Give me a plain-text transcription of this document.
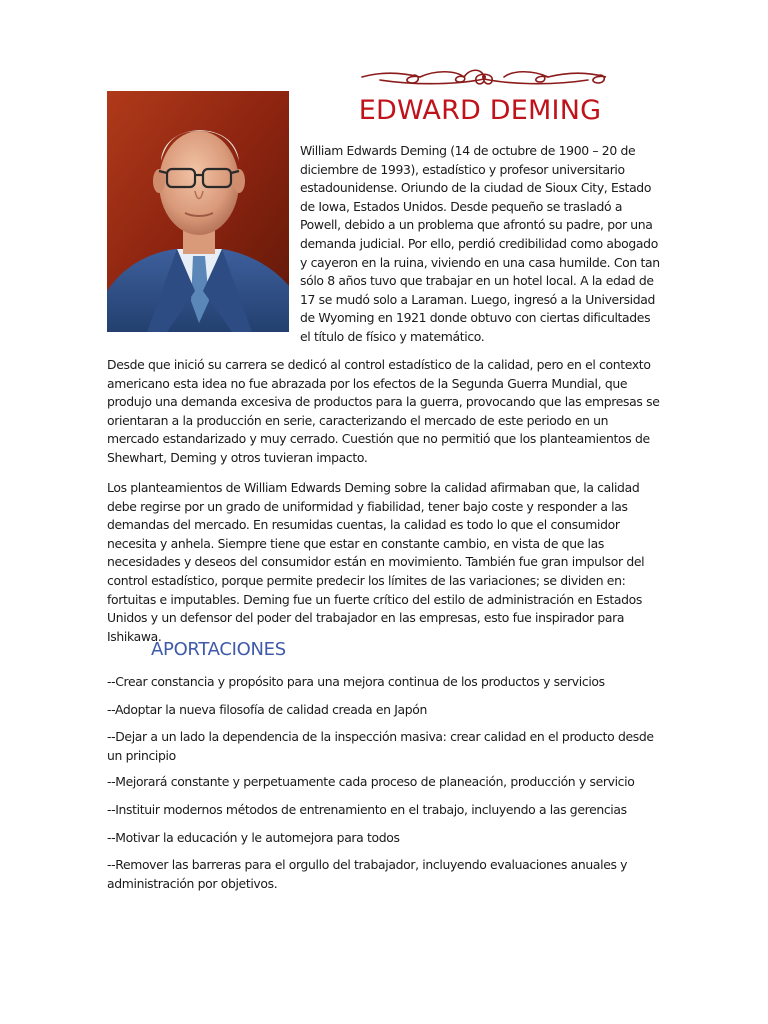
EDWARD DEMING

William Edwards Deming (14 de octubre de 1900 – 20 de diciembre de 1993), estadístico y profesor universitario estadounidense. Oriundo de la ciudad de Sioux City, Estado de Iowa, Estados Unidos. Desde pequeño se trasladó a Powell, debido a un problema que afrontó su padre, por una demanda judicial. Por ello, perdió credibilidad como abogado y cayeron en la ruina, viviendo en una casa humilde. Con tan sólo 8 años tuvo que trabajar en un hotel local. A la edad de 17 se mudó solo a Laraman. Luego, ingresó a la Universidad de Wyoming en 1921 donde obtuvo con ciertas dificultades el título de físico y matemático.

Desde que inició su carrera se dedicó al control estadístico de la calidad, pero en el contexto americano esta idea no fue abrazada por los efectos de la Segunda Guerra Mundial, que produjo una demanda excesiva de productos para la guerra, provocando que las empresas se orientaran a la producción en serie, caracterizando el mercado de este periodo en un mercado estandarizado y muy cerrado. Cuestión que no permitió que los planteamientos de Shewhart, Deming y otros tuvieran impacto.

Los planteamientos de William Edwards Deming sobre la calidad afirmaban que, la calidad debe regirse por un grado de uniformidad y fiabilidad, tener bajo coste y responder a las demandas del mercado. En resumidas cuentas, la calidad es todo lo que el consumidor necesita y anhela. Siempre tiene que estar en constante cambio, en vista de que las necesidades y deseos del consumidor están en movimiento. También fue gran impulsor del control estadístico, porque permite predecir los límites de las variaciones; se dividen en: fortuitas e imputables. Deming fue un fuerte crítico del estilo de administración en Estados Unidos y un defensor del poder del trabajador en las empresas, esto fue inspirador para Ishikawa.

APORTACIONES

--Crear constancia y propósito para una mejora continua de los productos y servicios

--Adoptar la nueva filosofía de calidad creada en Japón

--Dejar a un lado la dependencia de la inspección masiva: crear calidad en el producto desde un principio

--Mejorará constante y perpetuamente cada proceso de planeación, producción y servicio

--Instituir modernos métodos de entrenamiento en el trabajo, incluyendo a las gerencias

--Motivar la educación y le automejora para todos

--Remover las barreras para el orgullo del trabajador, incluyendo evaluaciones anuales y administración por objetivos.
